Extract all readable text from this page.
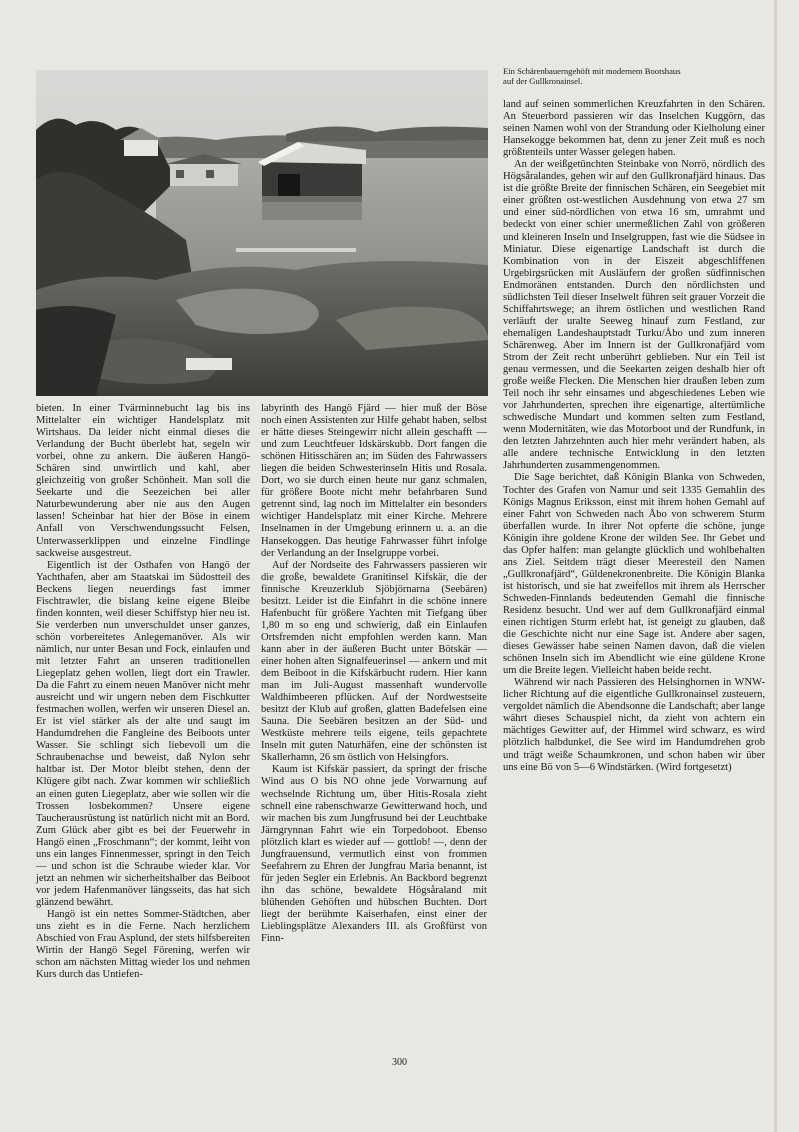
Ein Schärenbauerngehöft mit modernem Bootshaus
auf der Gullkronainsel.

bieten. In einer Tvärminnebucht lag bis ins Mittelalter ein wichtiger Handelsplatz mit Wirtshaus. Da leider nicht einmal dieses die Verlandung der Bucht überlebt hat, segeln wir vorbei, ohne zu ankern. Die äußeren Hangö-Schären sind unwirtlich und kahl, aber gleichzeitig von großer Schönheit. Man soll die Seekarte und die Seezeichen bei aller Naturbewunderung aber nie aus den Augen lassen! Scheinbar hat hier der Böse in einem Anfall von Verschwendungssucht Felsen, Unterwasserklippen und einzelne Findlinge sackweise ausgestreut.

Eigentlich ist der Osthafen von Hangö der Yachthafen, aber am Staatskai im Südostteil des Beckens liegen neuerdings fast immer Fischtrawler, die bislang keine eigene Bleibe finden konnten, weil dieser Schiffstyp hier neu ist. Sie verderben nun unverschuldet unser ganzes, schön vorbereitetes Anlegemanöver. Als wir nämlich, nur unter Besan und Fock, einlaufen und mit letzter Fahrt an unseren traditionellen Liegeplatz gehen wollen, liegt dort ein Trawler. Da die Fahrt zu einem neuen Manöver nicht mehr ausreicht und wir ungern neben dem Fischkutter festmachen wollen, werfen wir unseren Diesel an. Er ist viel stärker als der alte und saugt im Handumdrehen die Fangleine des Beiboots unter Wasser. Sie schlingt sich liebevoll um die Schraubenachse und beweist, daß Nylon sehr haltbar ist. Der Motor bleibt stehen, denn der Klügere gibt nach. Zwar kommen wir schließlich an einen guten Liegeplatz, aber wie sollen wir die Trossen losbekommen? Unsere eigene Taucherausrüstung ist natürlich nicht mit an Bord. Zum Glück aber gibt es bei der Feuerwehr in Hangö einen „Froschmann“; der kommt, leiht von uns ein langes Finnenmesser, springt in den Teich — und schon ist die Schraube wieder klar. Vor jetzt an nehmen wir sicherheitshalber das Beiboot vor jedem Hafenmanöver längsseits, das hat sich glänzend bewährt.

Hangö ist ein nettes Sommer-Städtchen, aber uns zieht es in die Ferne. Nach herzlichem Abschied von Frau Asplund, der stets hilfsbereiten Wirtin der Hangö Segel Förening, werfen wir schon am nächsten Mittag wieder los und nehmen Kurs durch das Untiefen-

labyrinth des Hangö Fjärd — hier muß der Böse noch einen Assistenten zur Hilfe gehabt haben, selbst er hätte dieses Steingewirr nicht allein geschafft — und zum Leuchtfeuer Idskärskubb. Dort fangen die schönen Hitisschären an; im Süden des Fahrwassers liegen die beiden Schwesterinseln Hitis und Rosala. Dort, wo sie durch einen heute nur ganz schmalen, für größere Boote nicht mehr befahrbaren Sund getrennt sind, lag noch im Mittelalter ein besonders wichtiger Handelsplatz mit einer Kirche. Mehrere Inselnamen in der Umgebung erinnern u. a. an die Hansekoggen. Das heutige Fahrwasser führt infolge der Verlandung an der Inselgruppe vorbei.

Auf der Nordseite des Fahrwassers passieren wir die große, bewaldete Granitinsel Kifskär, die der finnische Kreuzerklub Sjöbjörnarna (Seebären) besitzt. Leider ist die Einfahrt in die schöne innere Hafenbucht für größere Yachten mit Tiefgang über 1,80 m so eng und schwierig, daß ein Einlaufen Ortsfremden nicht empfohlen werden kann. Man kann aber in der äußeren Bucht unter Bötskär — einer hohen alten Signalfeuerinsel — ankern und mit dem Beiboot in die Kifskärbucht rudern. Hier kann man im Juli-August massenhaft wundervolle Waldhimbeeren pflücken. Auf der Nordwestseite besitzt der Klub auf großen, glatten Badefelsen eine Sauna. Die Seebären besitzen an der Süd- und Westküste mehrere teils eigene, teils gepachtete Inseln mit guten Naturhäfen, eine der schönsten ist Skallerhamn, 26 sm östlich von Helsingfors.

Kaum ist Kifskär passiert, da springt der frische Wind aus O bis NO ohne jede Vorwarnung auf wechselnde Richtung um, über Hitis-Rosala zieht schnell eine rabenschwarze Gewitterwand hoch, und wir machen bis zum Jungfrusund bei der Leuchtbake Järngrynnan Fahrt wie ein Torpedoboot. Ebenso plötzlich klart es wieder auf — gottlob! —, denn der Jungfrauensund, vermutlich einst von frommen Seefahrern zu Ehren der Jungfrau Maria benannt, ist für jeden Segler ein Erlebnis. An Backbord begrenzt ihn das schöne, bewaldete Högsåraland mit blühenden Gehöften und hübschen Buchten. Dort liegt der berühmte Kaiserhafen, einst einer der Lieblingsplätze Alexanders III. als Großfürst von Finn-

land auf seinen sommerlichen Kreuzfahrten in den Schären. An Steuerbord passieren wir das Inselchen Kuggörn, das seinen Namen wohl von der Strandung oder Kielholung einer Hansekogge bekommen hat, denn zu jener Zeit muß es noch größtenteils unter Wasser gelegen haben.

An der weißgetünchten Steinbake von Norrö, nördlich des Högsåralandes, gehen wir auf den Gullkronafjärd hinaus. Das ist die größte Breite der finnischen Schären, ein Seegebiet mit einer größten ost-westlichen Ausdehnung von etwa 27 sm und einer süd-nördlichen von etwa 16 sm, umrahmt und bedeckt von einer schier unermeßlichen Zahl von größeren und kleineren Inseln und Inselgruppen, fast wie die Südsee in Miniatur. Diese eigenartige Landschaft ist durch die Kombination von in der Eiszeit abgeschliffenen Urgebirgsrücken mit Ausläufern der großen südfinnischen Endmoränen entstanden. Durch den nördlichsten und südlichsten Teil dieser Inselwelt führen seit grauer Vorzeit die Schiffahrtswege; an ihrem östlichen und westlichen Rand verläuft der uralte Seeweg hinauf zum Festland, zur ehemaligen Landeshauptstadt Turku/Åbo und zum inneren Schärenweg. Aber im Innern ist der Gullkronafjärd vom Strom der Zeit recht unberührt geblieben. Nur ein Teil ist genau vermessen, und die Seekarten zeigen deshalb hier oft große weiße Flecken. Die Menschen hier draußen leben zum Teil noch ihr sehr einsames und abgeschiedenes Leben wie vor Jahrhunderten, sprechen ihre eigenartige, altertümliche schwedische Mundart und kommen selten zum Festland, wenn Modernitäten, wie das Motorboot und der Rundfunk, in den letzten Jahrzehnten auch hier mehr verändert haben, als alle andere technische Entwicklung in den letzten Jahrhunderten zusammengenommen.

Die Sage berichtet, daß Königin Blanka von Schweden, Tochter des Grafen von Namur und seit 1335 Gemahlin des Königs Magnus Eriksson, einst mit ihrem hohen Gemahl auf einer Fahrt von Schweden nach Åbo von schwerem Sturm überfallen wurde. In ihrer Not opferte die schöne, junge Königin ihre goldene Krone der wilden See. Ihr Gebet und das Opfer halfen: man gelangte glücklich und wohlbehalten ans Ziel. Seitdem trägt dieser Meeresteil den Namen „Gullkronafjärd“, Güldenekronenbreite. Die Königin Blanka ist historisch, und sie hat zweifellos mit ihrem als Herrscher Schweden-Finnlands bedeutenden Gemahl die finnische Residenz besucht. Und wer auf dem Gullkronafjärd einmal einen richtigen Sturm erlebt hat, ist geneigt zu glauben, daß die Geschichte nicht nur eine Sage ist. Andere aber sagen, dieses Gewässer habe seinen Namen davon, daß die vielen schönen Inseln sich im Abendlicht wie eine güldene Krone um die Breite legen. Vielleicht haben beide recht.

Während wir nach Passieren des Helsinghornen in WNW-licher Richtung auf die eigentliche Gullkronainsel zusteuern, vergoldet nämlich die Abendsonne die Landschaft; aber lange währt dieses Schauspiel nicht, da zieht von achtern ein mächtiges Gewitter auf, der Himmel wird schwarz, es wird plötzlich halbdunkel, die See wird im Handumdrehen grob und trägt weiße Schaumkronen, und schon haben wir über uns eine Bö von 5—6 Windstärken. (Wird fortgesetzt)

300
